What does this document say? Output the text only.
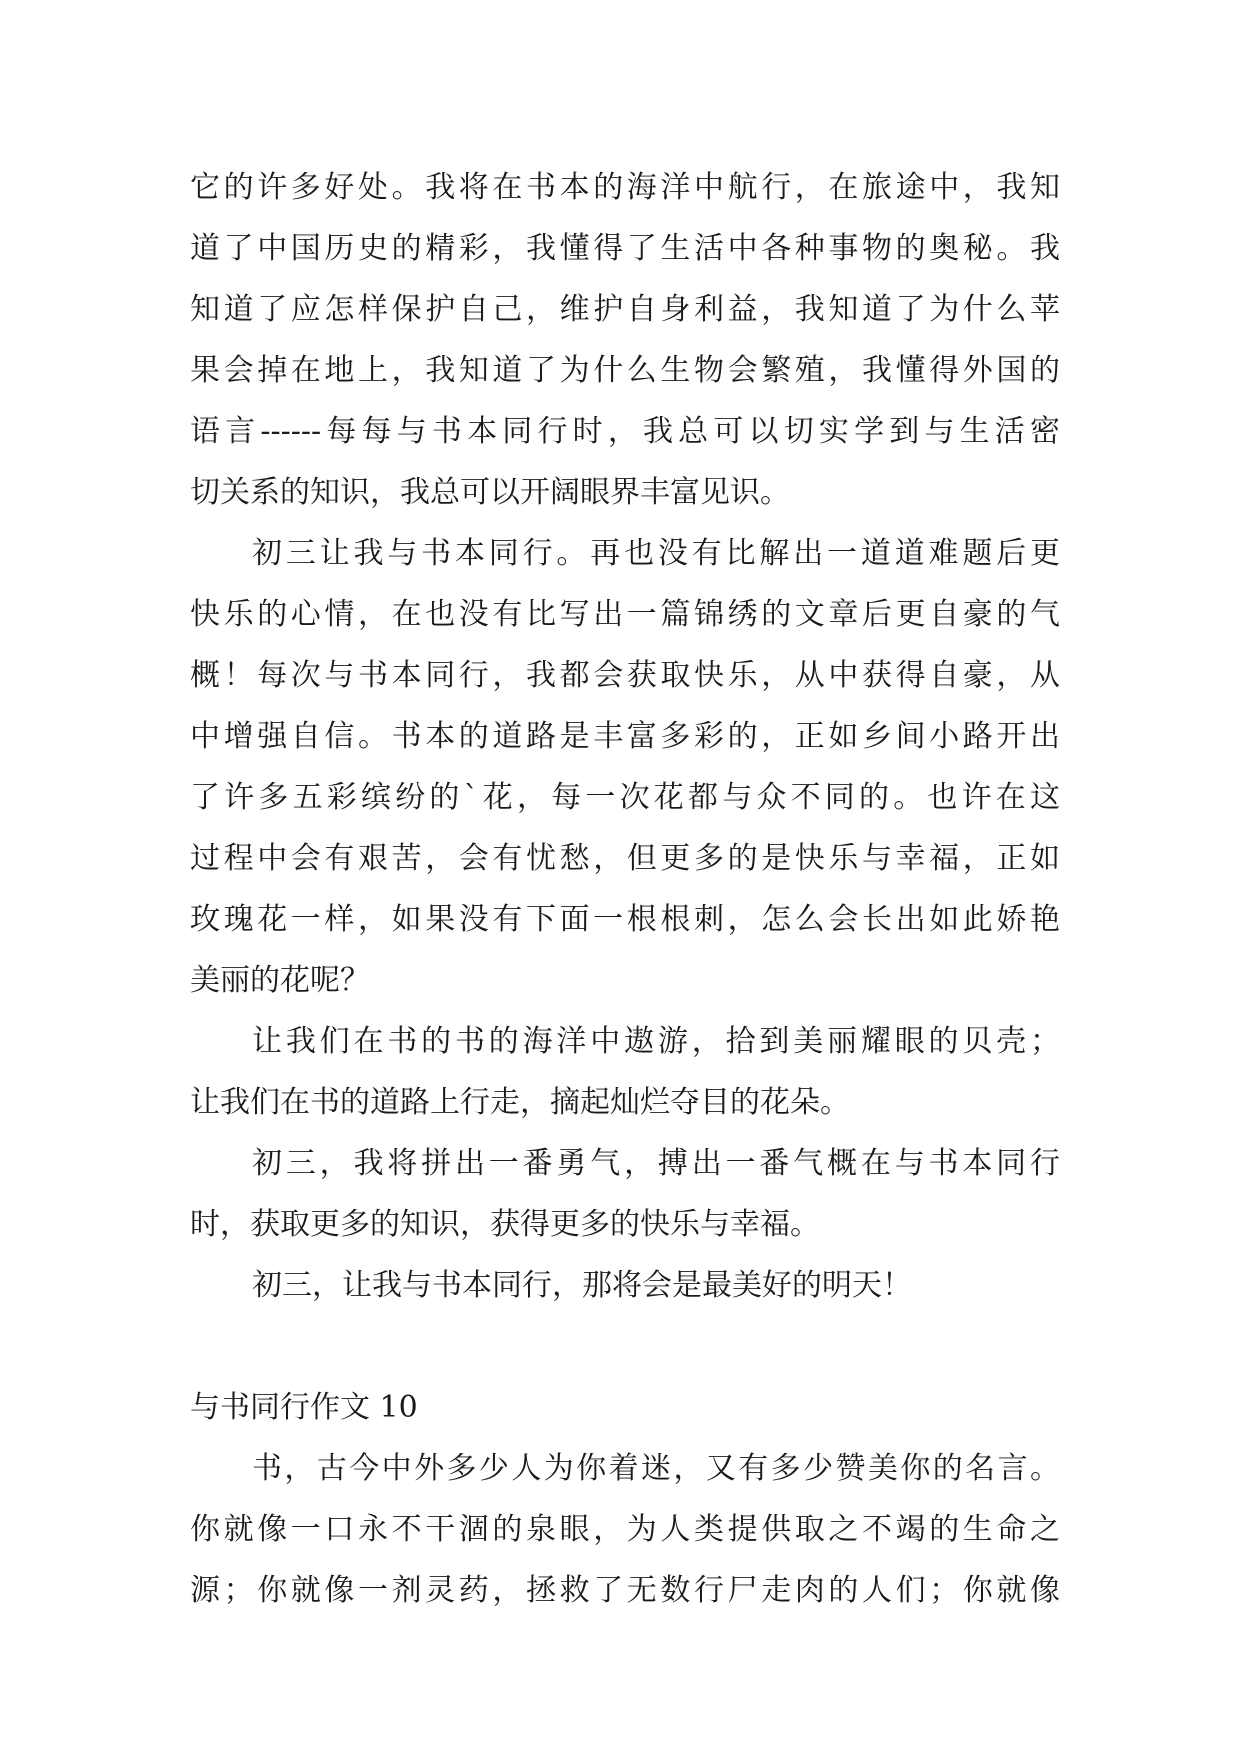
它的许多好处。我将在书本的海洋中航行，在旅途中，我知
道了中国历史的精彩，我懂得了生活中各种事物的奥秘。我
知道了应怎样保护自己，维护自身利益，我知道了为什么苹
果会掉在地上，我知道了为什么生物会繁殖，我懂得外国的
语言------每每与书本同行时，我总可以切实学到与生活密
切关系的知识，我总可以开阔眼界丰富见识。
初三让我与书本同行。再也没有比解出一道道难题后更
快乐的心情，在也没有比写出一篇锦绣的文章后更自豪的气
概！每次与书本同行，我都会获取快乐，从中获得自豪，从
中增强自信。书本的道路是丰富多彩的，正如乡间小路开出
了许多五彩缤纷的`花，每一次花都与众不同的。也许在这
过程中会有艰苦，会有忧愁，但更多的是快乐与幸福，正如
玫瑰花一样，如果没有下面一根根刺，怎么会长出如此娇艳
美丽的花呢？
让我们在书的书的海洋中遨游，拾到美丽耀眼的贝壳；
让我们在书的道路上行走，摘起灿烂夺目的花朵。
初三，我将拼出一番勇气，搏出一番气概在与书本同行
时，获取更多的知识，获得更多的快乐与幸福。
初三，让我与书本同行，那将会是最美好的明天！
与书同行作文 10
书，古今中外多少人为你着迷，又有多少赞美你的名言。
你就像一口永不干涸的泉眼，为人类提供取之不竭的生命之
源；你就像一剂灵药，拯救了无数行尸走肉的人们；你就像
